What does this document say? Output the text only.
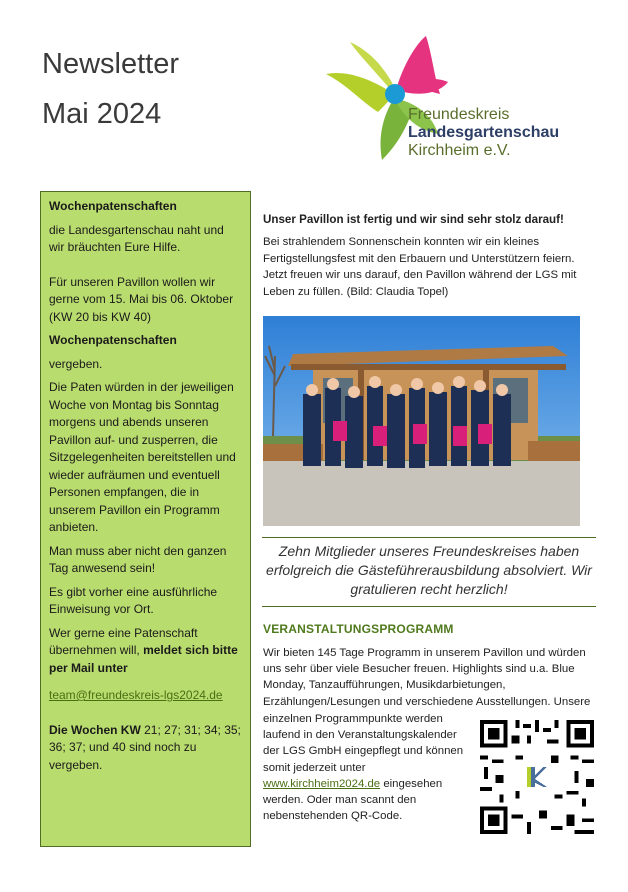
Newsletter
Mai 2024	Freundeskreis
Landesgartenschau
Kirchheim e.V.

Wochenpatenschaften

die Landesgartenschau naht und wir bräuchten Eure Hilfe.

Für unseren Pavillon wollen wir gerne vom 15. Mai bis 06. Oktober (KW 20 bis KW 40)

Wochenpatenschaften

vergeben.

Die Paten würden in der jeweiligen Woche von Montag bis Sonntag morgens und abends unseren Pavillon auf- und zusperren, die Sitzgelegenheiten bereitstellen und wieder aufräumen und eventuell Personen empfangen, die in unserem Pavillon ein Programm anbieten.

Man muss aber nicht den ganzen Tag anwesend sein!

Es gibt vorher eine ausführliche Einweisung vor Ort.

Wer gerne eine Patenschaft übernehmen will, meldet sich bitte per Mail unter

team@freundeskreis-lgs2024.de

Die Wochen KW 21; 27; 31; 34; 35; 36; 37; und 40 sind noch zu vergeben.

Unser Pavillon ist fertig und wir sind sehr stolz darauf!

Bei strahlendem Sonnenschein konnten wir ein kleines Fertigstellungsfest mit den Erbauern und Unterstützern feiern. Jetzt freuen wir uns darauf, den Pavillon während der LGS mit Leben zu füllen. (Bild: Claudia Topel)

Zehn Mitglieder unseres Freundeskreises haben erfolgreich die Gästeführerausbildung absolviert. Wir gratulieren recht herzlich!
VERANSTALTUNGSPROGRAMM
Wir bieten 145 Tage Programm in unserem Pavillon und würden uns sehr über viele Besucher freuen. Highlights sind u.a. Blue Monday, Tanzaufführungen, Musikdarbietungen, Erzählungen/Lesungen und verschiedene Ausstellungen. Unsere
einzelnen Programmpunkte werden laufend in den Veranstaltungskalender der LGS GmbH eingepflegt und können somit jederzeit unter www.kirchheim2024.de eingesehen werden. Oder man scannt den nebenstehenden QR-Code.
